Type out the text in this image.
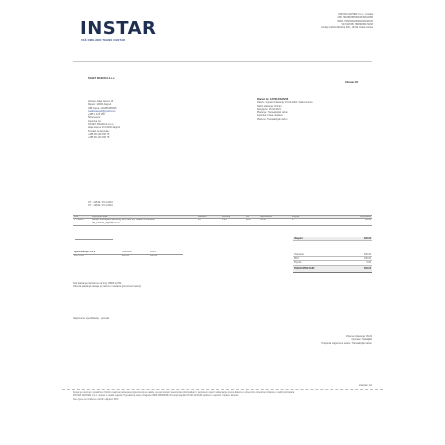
INSTAR
VAŠ OMILJENI TEHNO CENTAR
INSTAR CENTER d.o.o., Croatia
OIB: HR28635656001515912056
IBAN: HR1524020061100196015
VAT ID/OIB: HR86039172263
Andrije Kačića Miošića 32C, 10410 Velika Gorica
SVIJET MASKICA d.o.o.
Obrazac R1
Adresa: Alaja Jarevo 13
Mjesto: 10000 Zagreb
OIB kupca: 123456456945
maskicasvijet@gmail.com
+385 1 123 456
Šifra kupca:
Isporuka na:
SVIJET MASKICA d.o.o.
Alaja Jarevo 13 10000 Zagreb
Kontakt za isporuku:
+385 99 123 456 78
+385 99 123 456 78
Račun br. 127813/S45/06
Datum i mjesto izdavanja: 15.04.2024, Velika Gorica
Način plaćanja: Virman
Dospijeće: 15.04.2024
Plaćanje: Transakcijski račun
Isporuka: Instar dostava
Plaćeno: Transakcijski račun
OT - 12546 / 15.4.2024
OT - 12546 / 15.4.2024
R.br.	Opis proizvoda	Jamstvo	Količina	JM	Cijena EUR	Popust	Iznos EUR
1 749525	Zaštitni Remapatit Samsung S24 Ultra 3D, Stakla za mobitele	24	3.00	Kom	30.00	0	90.00
SR_HiuK3K_Sigmatic s.r.o.
Ukupno:	400.00
Specifikacija PDV-a	Osnovica	Porez
PDV 25%	400.00	100.00
Osnovica:	400.00
PDV:	100.00
Popust:	0.00
SVEUKUPNO EUR:	500.00
Kod plaćanja pozivati se na broj: HR00-12791
Obveza plaćanja nastaje po računu / reklama (privremeni račun)
Napomena: specifikacije - ponuda
Vrijeme izdavanja: 09:22
Operater: NatalijaD
Potpisnik odgovorne osobe: Transakcijski račun
stranica: 1/1
Kupac je upoznat s pravilima i Općim uvjetima poslovanja trgovca koji se nalaze na web stranici www.instar-informatika.hr; jamstveni uvjeti i reklamacije prema Zakonu o obveznim odnosima i Zakonu o zaštiti potrošača.
INSTAR CENTER d.o.o. upisan u sudski registar Trgovačkog suda u Zagrebu MBS 080908464 Temeljni kapital 20.000,00 EUR uplaćen u cijelosti. Uprava: direktor
Sve cijene su izražene u EUR, uključen PDV.
